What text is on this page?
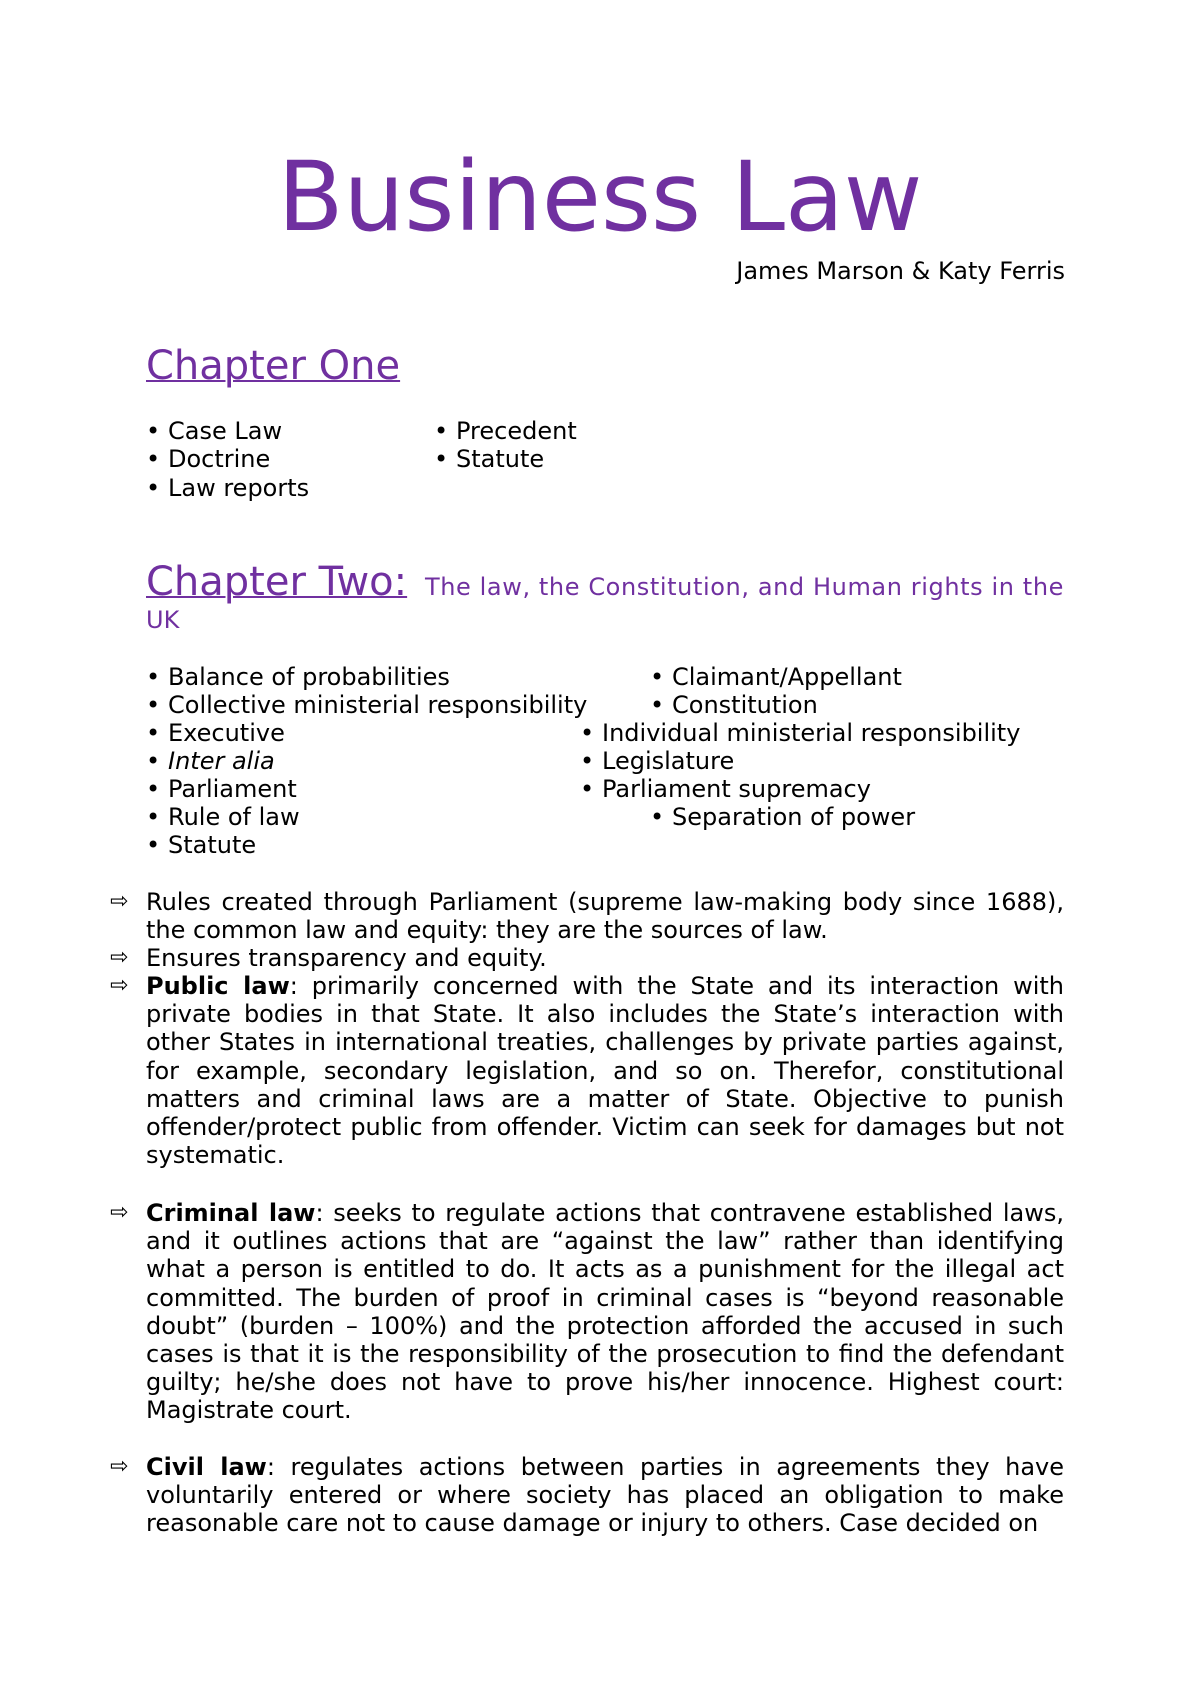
Business Law
James Marson & Katy Ferris
Chapter One
• Case Law
• Doctrine
• Law reports
• Precedent
• Statute
Chapter Two: The law, the Constitution, and Human rights in the
UK
• Balance of probabilities	• Claimant/Appellant
• Collective ministerial responsibility	• Constitution
• Executive	• Individual ministerial responsibility
• Inter alia	• Legislature
• Parliament	• Parliament supremacy
• Rule of law	• Separation of power
• Statute
⇨ Rules created through Parliament (supreme law-making body since 1688), the common law and equity: they are the sources of law.
⇨ Ensures transparency and equity.
⇨ Public law: primarily concerned with the State and its interaction with private bodies in that State. It also includes the State’s interaction with other States in international treaties, challenges by private parties against, for example, secondary legislation, and so on. Therefor, constitutional matters and criminal laws are a matter of State. Objective to punish offender/protect public from offender. Victim can seek for damages but not systematic.
⇨ Criminal law: seeks to regulate actions that contravene established laws, and it outlines actions that are “against the law” rather than identifying what a person is entitled to do. It acts as a punishment for the illegal act committed. The burden of proof in criminal cases is “beyond reasonable doubt” (burden – 100%) and the protection afforded the accused in such cases is that it is the responsibility of the prosecution to find the defendant guilty; he/she does not have to prove his/her innocence. Highest court: Magistrate court.
⇨ Civil law: regulates actions between parties in agreements they have voluntarily entered or where society has placed an obligation to make reasonable care not to cause damage or injury to others. Case decided on
